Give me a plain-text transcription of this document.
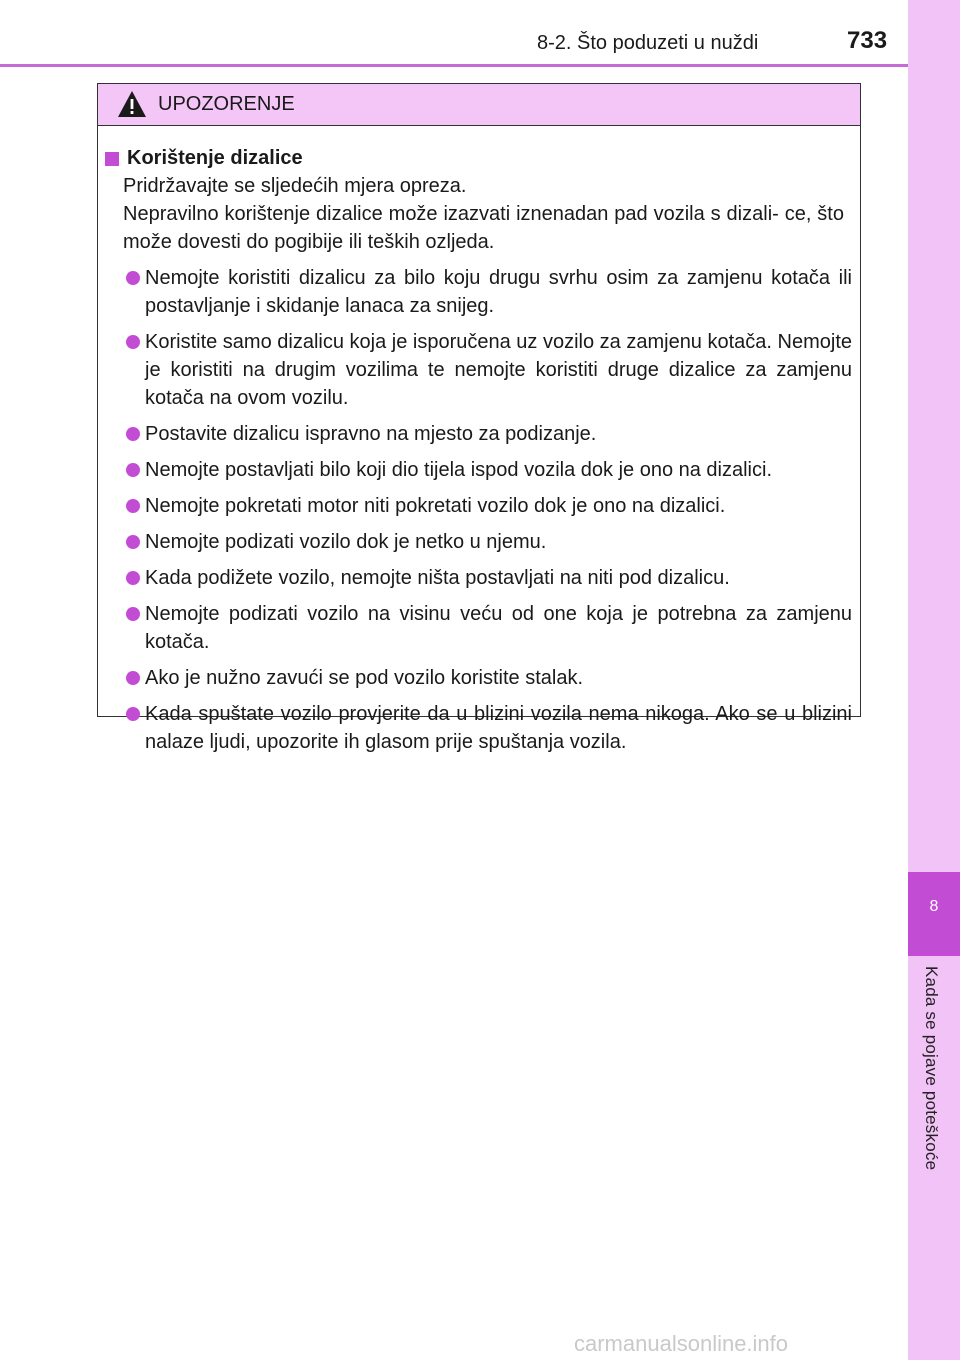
8-2. Što poduzeti u nuždi	733
8
Kada se pojave poteškoće
UPOZORENJE
Korištenje dizalice

Pridržavajte se sljedećih mjera opreza.

Nepravilno korištenje dizalice može izazvati iznenadan pad vozila s dizali- ce, što može dovesti do pogibije ili teških ozljeda.

Nemojte koristiti dizalicu za bilo koju drugu svrhu osim za zamjenu kotača ili postavljanje i skidanje lanaca za snijeg.
Koristite samo dizalicu koja je isporučena uz vozilo za zamjenu kotača. Nemojte je koristiti na drugim vozilima te nemojte koristiti druge dizalice za zamjenu kotača na ovom vozilu.
Postavite dizalicu ispravno na mjesto za podizanje.
Nemojte postavljati bilo koji dio tijela ispod vozila dok je ono na dizalici.
Nemojte pokretati motor niti pokretati vozilo dok je ono na dizalici.
Nemojte podizati vozilo dok je netko u njemu.
Kada podižete vozilo, nemojte ništa postavljati na niti pod dizalicu.
Nemojte podizati vozilo na visinu veću od one koja je potrebna za zamjenu kotača.
Ako je nužno zavući se pod vozilo koristite stalak.
Kada spuštate vozilo provjerite da u blizini vozila nema nikoga. Ako se u blizini nalaze ljudi, upozorite ih glasom prije spuštanja vozila.
carmanualsonline.info
